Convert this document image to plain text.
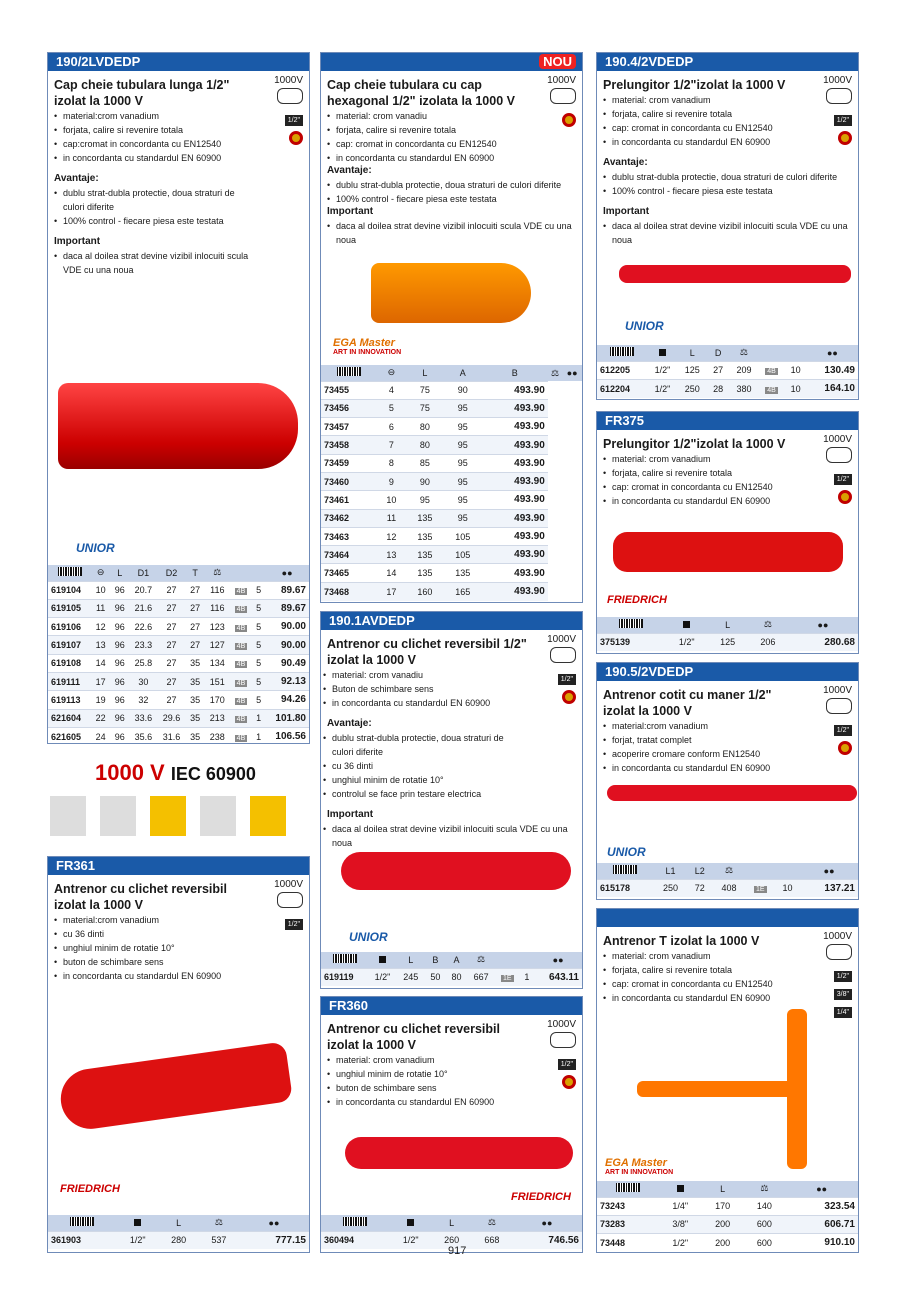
190/2LVDEDP
Cap cheie tubulara lunga 1/2" izolat la 1000 V
1000V

1/2"

• material:crom vanadium
• forjata, calire si revenire totala
• cap:cromat in concordanta cu EN12540
• in concordanta cu standardul EN 60900
Avantaje:
• dublu strat-dubla protectie, doua straturi de culori diferite
• 100% control - fiecare piesa este testata
Important
• daca al doilea strat devine vizibil inlocuiti scula VDE cu una noua
UNIOR
	⊖	L	D1	D2	T	⚖			●●
619104	10	96	20.7	27	27	116	4B	5	89.67
619105	11	96	21.6	27	27	116	4B	5	89.67
619106	12	96	22.6	27	27	123	4B	5	90.00
619107	13	96	23.3	27	27	127	4B	5	90.00
619108	14	96	25.8	27	35	134	4B	5	90.49
619111	17	96	30	27	35	151	4B	5	92.13
619113	19	96	32	27	35	170	4B	5	94.26
621604	22	96	33.6	29.6	35	213	4B	1	101.80
621605	24	96	35.6	31.6	35	238	4B	1	106.56
1000 V IEC 60900
FR361
Antrenor cu clichet reversibil izolat la 1000 V
1000V

1/2"
• material:crom vanadium
• cu 36 dinti
• unghiul minim de rotatie 10°
• buton de schimbare sens
• in concordanta cu standardul EN 60900
FRIEDRICH
		L	⚖	●●
361903	1/2"	280	537	777.15
NOU
Cap cheie tubulara cu cap hexagonal 1/2" izolata la 1000 V
1000V

• material: crom vanadiu
• forjata, calire si revenire totala
• cap: cromat in concordanta cu EN12540
• in concordanta cu standardul EN 60900
Avantaje:
• dublu strat-dubla protectie, doua straturi de culori diferite
• 100% control - fiecare piesa este testata
Important
• daca al doilea strat devine vizibil inlocuiti scula VDE cu una noua
EGA Master
ART IN INNOVATION
	⊖	L	A	B	⚖	●●
73455	4	75	90	493.90		
73456	5	75	95	493.90		
73457	6	80	95	493.90		
73458	7	80	95	493.90		
73459	8	85	95	493.90		
73460	9	90	95	493.90		
73461	10	95	95	493.90		
73462	11	135	95	493.90		
73463	12	135	105	493.90		
73464	13	135	105	493.90		
73465	14	135	135	493.90		
73468	17	160	165	493.90		
190.1AVDEDP
Antrenor cu clichet reversibil 1/2" izolat la 1000 V
1000V

1/2"

• material: crom vanadiu
• Buton de schimbare sens
• in concordanta cu standardul EN 60900
Avantaje:
• dublu strat-dubla protectie, doua straturi de culori diferite
• cu 36 dinti
• unghiul minim de rotatie 10°
• controlul se face prin testare electrica
Important
• daca al doilea strat devine vizibil inlocuiti scula VDE cu una noua
UNIOR
		L	B	A	⚖			●●
619119	1/2"	245	50	80	667	1E	1	643.11
FR360
Antrenor cu clichet reversibil izolat la 1000 V
1000V

1/2"

• material: crom vanadium
• unghiul minim de rotatie 10°
• buton de schimbare sens
• in concordanta cu standardul EN 60900
FRIEDRICH
		L	⚖	●●
360494	1/2"	260	668	746.56
190.4/2VDEDP
Prelungitor 1/2"izolat la 1000 V	1000V

1/2"

• material: crom vanadium
• forjata, calire si revenire totala
• cap: cromat in concordanta cu EN12540
• in concordanta cu standardul EN 60900
Avantaje:
• dublu strat-dubla protectie, doua straturi de culori diferite
• 100% control - fiecare piesa este testata
Important
• daca al doilea strat devine vizibil inlocuiti scula VDE cu una noua
UNIOR
		L	D	⚖			●●
612205	1/2"	125	27	209	4B	10	130.49
612204	1/2"	250	28	380	4B	10	164.10
FR375
Prelungitor 1/2"izolat la 1000 V	1000V

1/2"

• material: crom vanadium
• forjata, calire si revenire totala
• cap: cromat in concordanta cu EN12540
• in concordanta cu standardul EN 60900
FRIEDRICH
		L	⚖	●●
375139	1/2"	125	206	280.68
190.5/2VDEDP
Antrenor cotit cu maner 1/2" izolat la 1000 V
1000V

1/2"

• material:crom vanadium
• forjat, tratat complet
• acoperire cromare conform EN12540
• in concordanta cu standardul EN 60900
UNIOR
	L1	L2	⚖			●●
615178	250	72	408	1E	10	137.21
Antrenor T izolat la 1000 V	1000V

1/2"
3/8"
1/4"
• material: crom vanadium
• forjata, calire si revenire totala
• cap: cromat in concordanta cu EN12540
• in concordanta cu standardul EN 60900
EGA Master
ART IN INNOVATION
		L	⚖	●●
73243	1/4"	170	140	323.54
73283	3/8"	200	600	606.71
73448	1/2"	200	600	910.10
917
